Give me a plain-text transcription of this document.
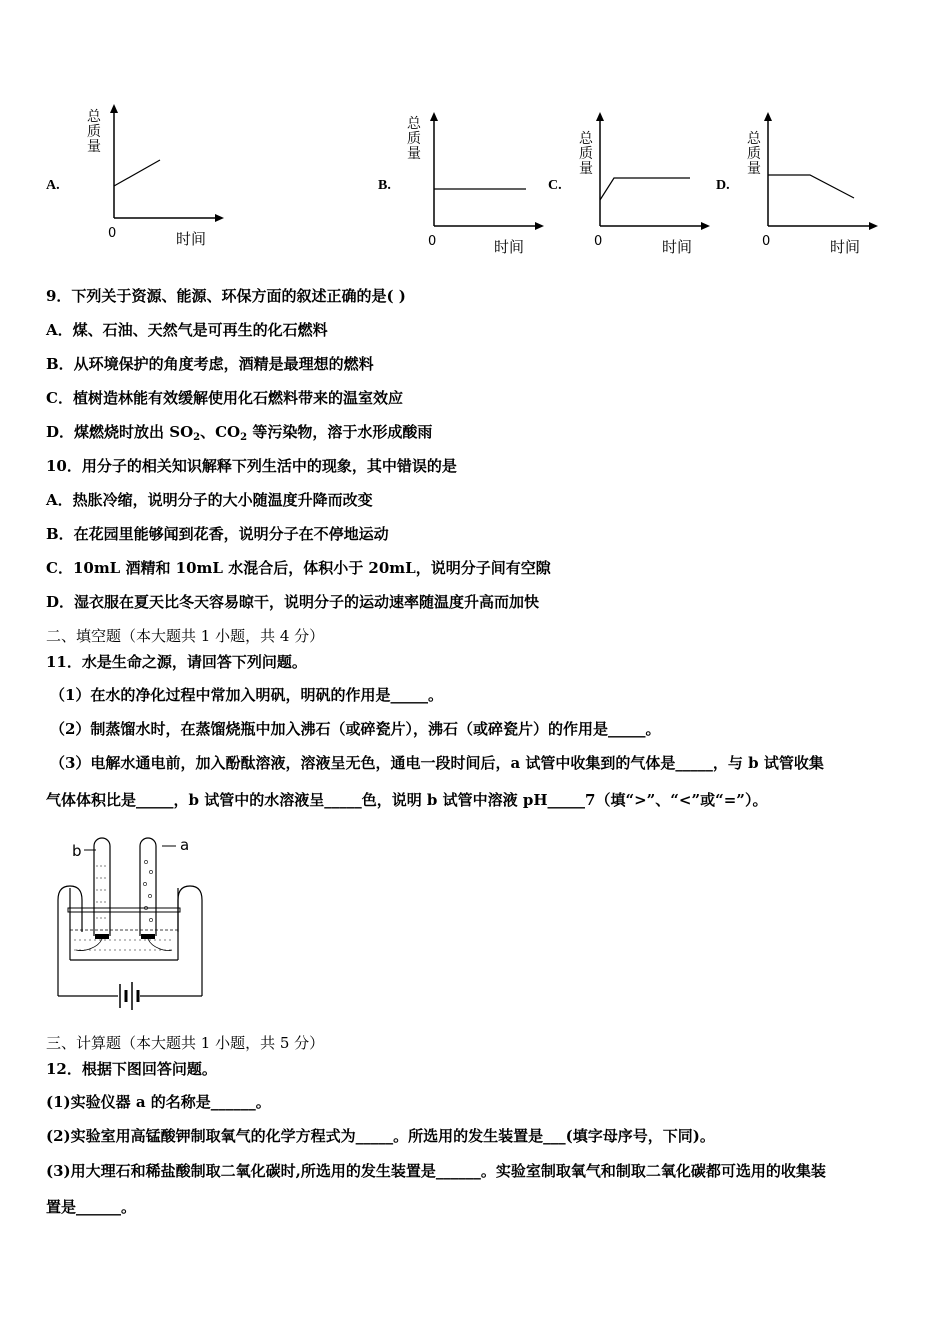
A.
总
质
量
0	时间
B.
总
质
量
0	时间
C.
总
质
量
0	时间
D.
总
质
量
0	时间
9．下列关于资源、能源、环保方面的叙述正确的是( )
A．煤、石油、天然气是可再生的化石燃料
B．从环境保护的角度考虑，酒精是最理想的燃料
C．植树造林能有效缓解使用化石燃料带来的温室效应
D．煤燃烧时放出 $SO_2$、$CO_2$ 等污染物，溶于水形成酸雨
10．用分子的相关知识解释下列生活中的现象，其中错误的是
A．热胀冷缩，说明分子的大小随温度升降而改变
B．在花园里能够闻到花香，说明分子在不停地运动
C．10mL 酒精和 10mL 水混合后，体积小于 20mL，说明分子间有空隙
D．湿衣服在夏天比冬天容易晾干，说明分子的运动速率随温度升高而加快
二、填空题（本大题共 1 小题，共 4 分）
11．水是生命之源，请回答下列问题。
（1）在水的净化过程中常加入明矾，明矾的作用是_____。
（2）制蒸馏水时，在蒸馏烧瓶中加入沸石（或碎瓷片），沸石（或碎瓷片）的作用是_____。
（3）电解水通电前，加入酚酞溶液，溶液呈无色，通电一段时间后，a 试管中收集到的气体是_____，与 b 试管收集
气体体积比是_____，b 试管中的水溶液呈_____色，说明 b 试管中溶液 pH_____7（填“>”、“<”或“=”）。
b	a
三、计算题（本大题共 1 小题，共 5 分）
12．根据下图回答问题。
(1)实验仪器 a 的名称是______。
(2)实验室用高锰酸钾制取氧气的化学方程式为_____。所选用的发生装置是___(填字母序号，下同)。
(3)用大理石和稀盐酸制取二氧化碳时,所选用的发生装置是______。实验室制取氧气和制取二氧化碳都可选用的收集装
置是______。
